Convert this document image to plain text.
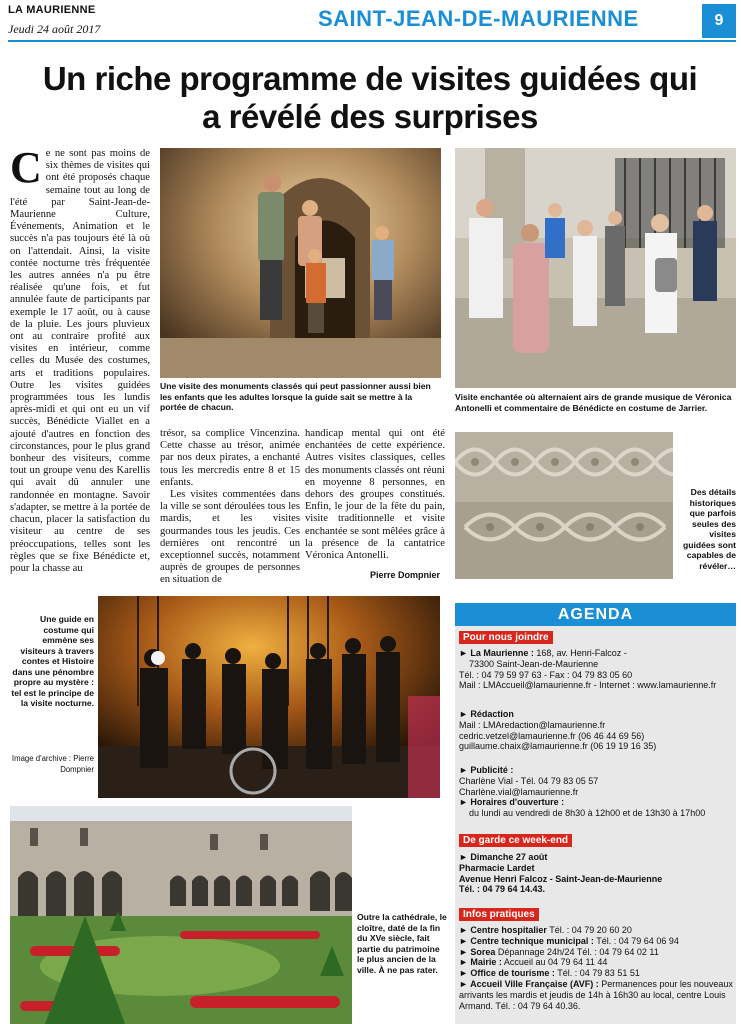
LA MAURIENNE
Jeudi 24 août 2017	SAINT-JEAN-DE-MAURIENNE	9
Un riche programme de visites guidées qui a révélé des surprises
Ce ne sont pas moins de six thèmes de visites qui ont été proposés chaque semaine tout au long de l'été par Saint-Jean-de-Maurienne Culture, Événements, Animation et le succès n'a pas toujours été là où on l'attendait. Ainsi, la visite contée nocturne très fréquentée les autres années n'a pu être réalisée qu'une fois, et fut annulée faute de participants par exemple le 17 août, ou à cause de la pluie. Les jours pluvieux ont au contraire profité aux visites en intérieur, comme celles du Musée des costumes, arts et traditions populaires. Outre les visites guidées programmées tous les lundis après-midi et qui ont eu un vif succès, Bénédicte Viallet en a ajouté d'autres en fonction des circonstances, pour le plus grand bonheur des visiteurs, comme tout un groupe venu des Karellis qui avait dû annuler une randonnée en montagne. Savoir s'adapter, se mettre à la portée de chacun, placer la satisfaction du visiteur au centre de ses préoccupations, telles sont les règles que se fixe Bénédicte et, pour la chasse au

trésor, sa complice Vincenzina. Cette chasse au trésor, animée par nos deux pirates, a enchanté tous les mercredis entre 8 et 15 enfants.

Les visites commentées dans la ville se sont déroulées tous les mardis, et les visites gourmandes tous les jeudis. Ces dernières ont rencontré un exceptionnel succès, notamment auprès de groupes de personnes en situation de

handicap mental qui ont été enchantées de cette expérience. Autres visites classiques, celles des monuments classés ont réuni en moyenne 8 personnes, en dehors des groupes constitués. Enfin, le jour de la fête du pain, visite traditionnelle et visite enchantée se sont mêlées grâce à la présence de la cantatrice Véronica Antonelli.

Pierre Dompnier
Une visite des monuments classés qui peut passionner aussi bien les enfants que les adultes lorsque la guide sait se mettre à la portée de chacun.
Visite enchantée où alternaient airs de grande musique de Véronica Antonelli et commentaire de Bénédicte en costume de Jarrier.
Des détails historiques que parfois seules des visites guidées sont capables de révéler…
Une guide en costume qui emmène ses visiteurs à travers contes et Histoire dans une pénombre propre au mystère : tel est le principe de la visite nocturne.
Image d'archive : Pierre Dompnier
Outre la cathédrale, le cloître, daté de la fin du XVe siècle, fait partie du patrimoine le plus ancien de la ville. À ne pas rater.
AGENDA
Pour nous joindre
► La Maurienne : 168, av. Henri-Falcoz -
73300 Saint-Jean-de-Maurienne
Tél. : 04 79 59 97 63 - Fax : 04 79 83 05 60
Mail : LMAccueil@lamaurienne.fr - Internet : www.lamaurienne.fr
► Rédaction
Mail : LMAredaction@lamaurienne.fr
cedric.vetzel@lamaurienne.fr (06 46 44 69 56)
guillaume.chaix@lamaurienne.fr (06 19 19 16 35)
► Publicité :
Charlène Vial - Tél. 04 79 83 05 57
Charlène.vial@lamaurienne.fr
► Horaires d'ouverture :
du lundi au vendredi de 8h30 à 12h00 et de 13h30 à 17h00
De garde ce week-end
► Dimanche 27 août
Pharmacie Lardet
Avenue Henri Falcoz - Saint-Jean-de-Maurienne
Tél. : 04 79 64 14.43.
Infos pratiques
► Centre hospitalier Tél. : 04 79 20 60 20
► Centre technique municipal : Tél. : 04 79 64 06 94
► Sorea Dépannage 24h/24 Tél. : 04 79 64 02 11
► Mairie : Accueil au 04 79 64 11 44
► Office de tourisme : Tél. : 04 79 83 51 51
► Accueil Ville Française (AVF) : Permanences pour les nouveaux arrivants les mardis et jeudis de 14h à 16h30 au local, centre Louis Armand. Tél. : 04 79 64 40.36.
